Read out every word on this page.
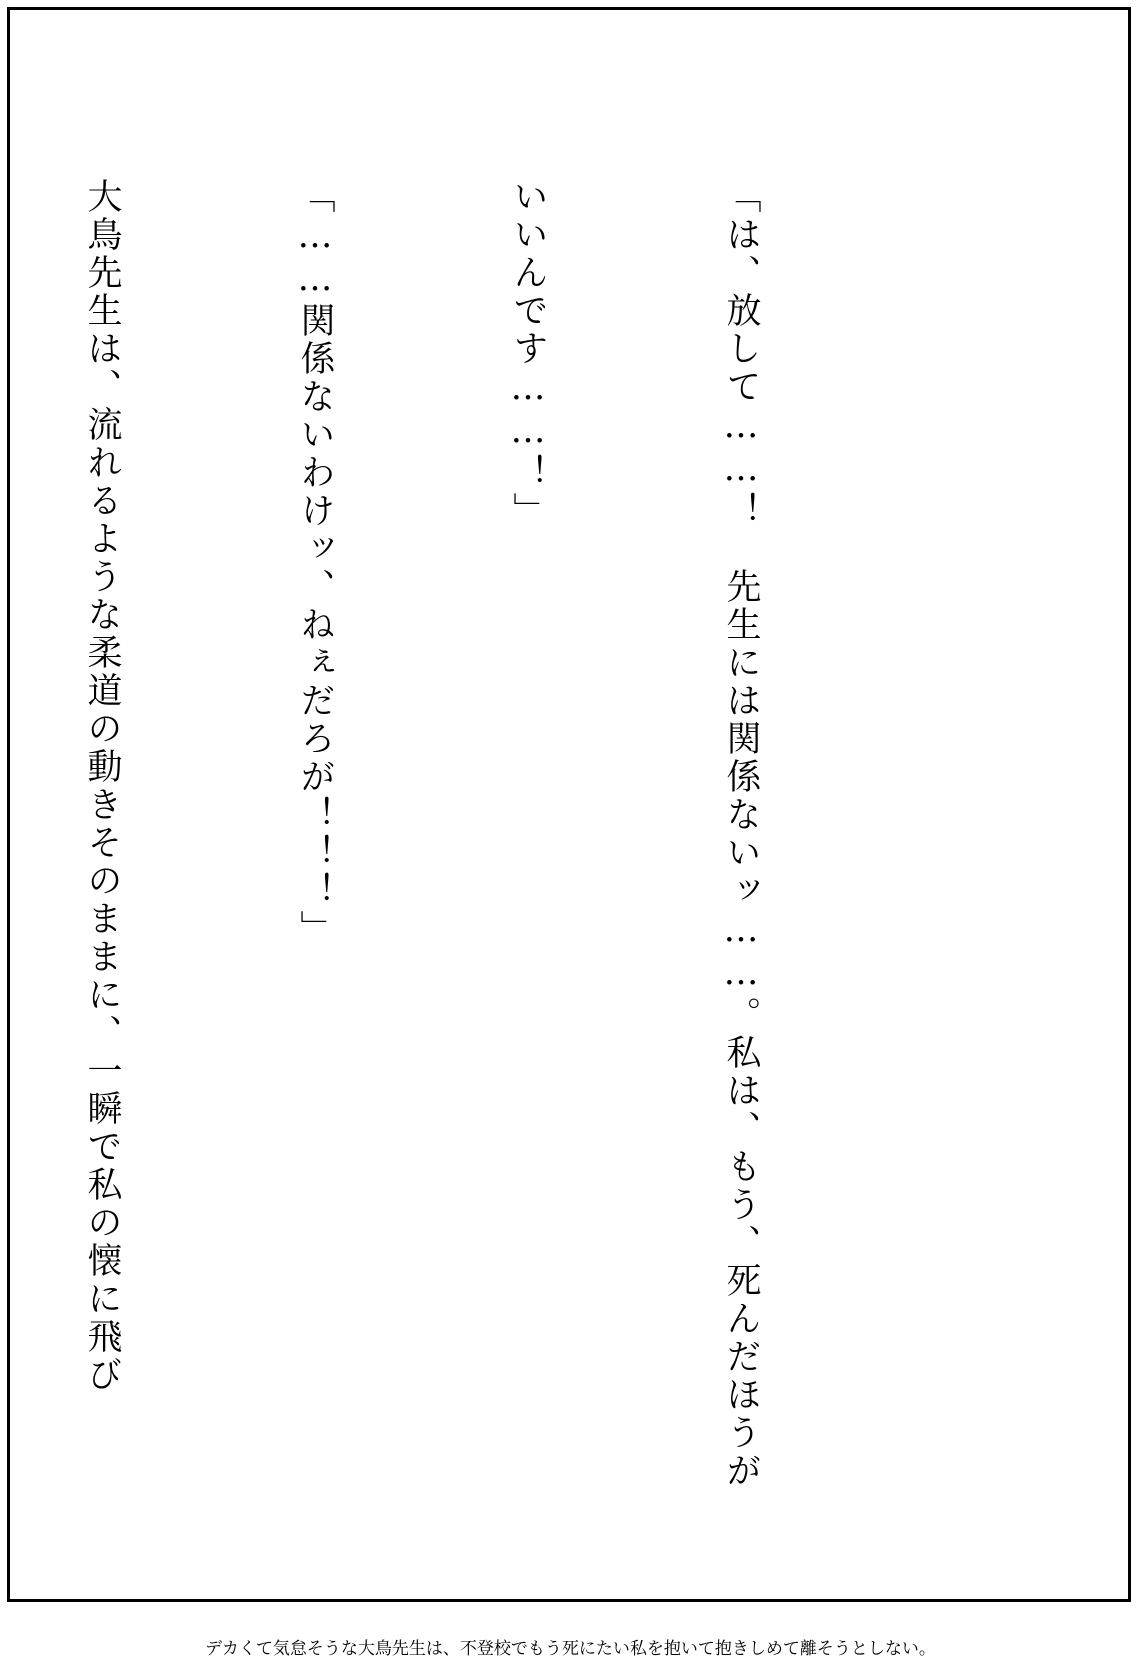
「は、放して……！　先生には関係ないッ……。私は、もう、死んだほうが

いいんです……！」

「……関係ないわけッ、ねぇだろが！！！」

大鳥先生は、流れるような柔道の動きそのままに、一瞬で私の懐に飛び

デカくて気怠そうな大鳥先生は、不登校でもう死にたい私を抱いて抱きしめて離そうとしない。
